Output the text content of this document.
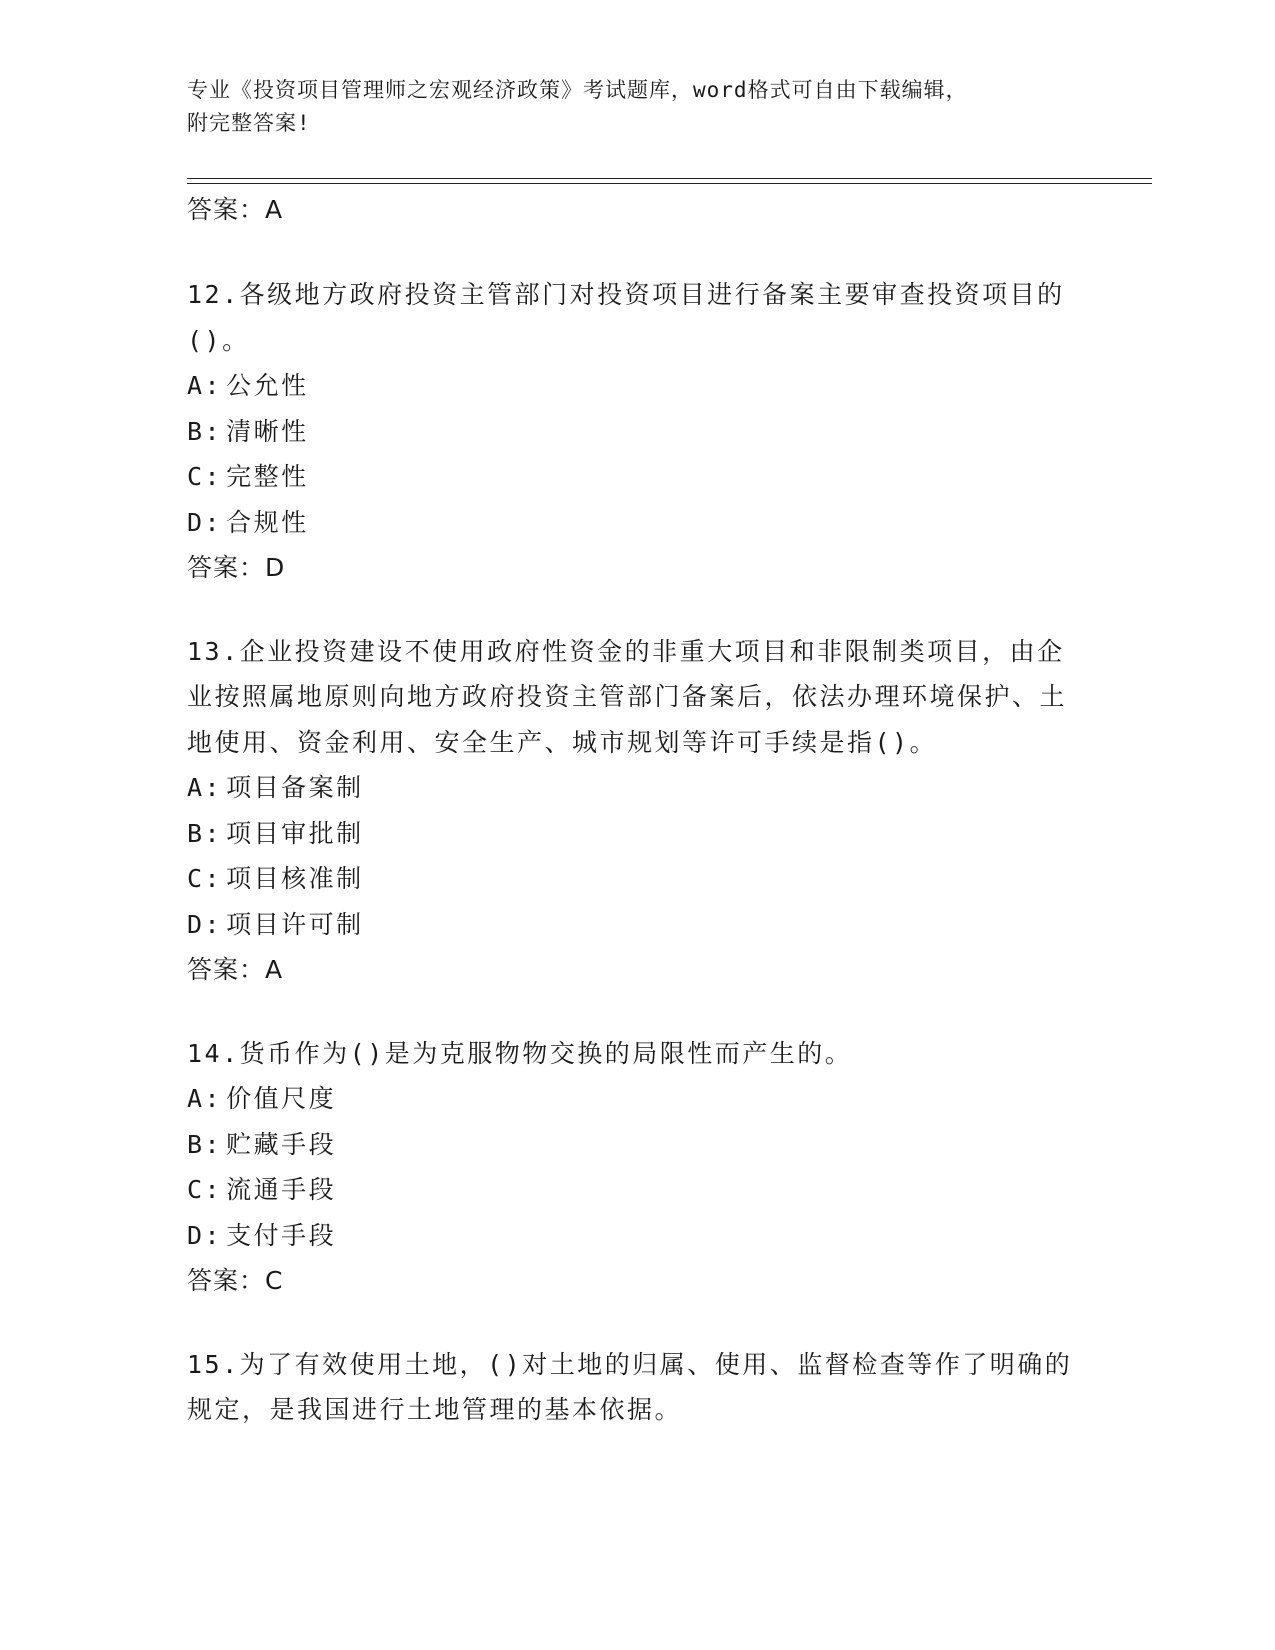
专业《投资项目管理师之宏观经济政策》考试题库，word格式可自由下载编辑，

附完整答案!

答案：A

12.各级地方政府投资主管部门对投资项目进行备案主要审查投资项目的()。

A: 公允性
B: 清晰性
C: 完整性
D: 合规性
答案：D

13.企业投资建设不使用政府性资金的非重大项目和非限制类项目，由企业按照属地原则向地方政府投资主管部门备案后，依法办理环境保护、土地使用、资金利用、安全生产、城市规划等许可手续是指()。

A: 项目备案制
B: 项目审批制
C: 项目核准制
D: 项目许可制
答案：A

14.货币作为()是为克服物物交换的局限性而产生的。

A: 价值尺度
B: 贮藏手段
C: 流通手段
D: 支付手段
答案：C

15.为了有效使用土地，()对土地的归属、使用、监督检查等作了明确的规定，是我国进行土地管理的基本依据。
